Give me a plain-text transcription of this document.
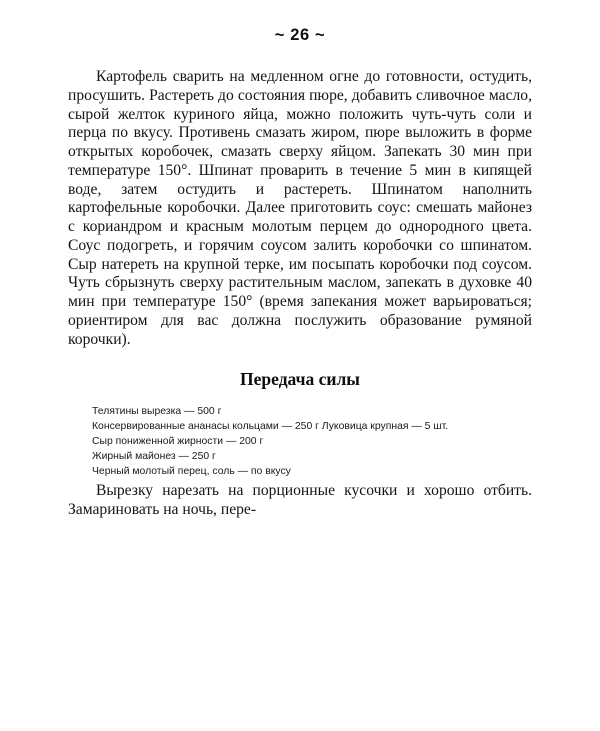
~ 26 ~

Картофель сварить на медленном огне до готовности, остудить, просушить. Растереть до состояния пюре, добавить сливочное масло, сырой желток куриного яйца, можно положить чуть-чуть соли и перца по вкусу. Противень смазать жиром, пюре выложить в форме открытых коробочек, смазать сверху яйцом. Запекать 30 мин при температуре 150°. Шпинат проварить в течение 5 мин в кипящей воде, затем остудить и растереть. Шпинатом наполнить картофельные коробочки. Далее приготовить соус: смешать майонез с кориандром и красным молотым перцем до однородного цвета. Соус подогреть, и горячим соусом залить коробочки со шпинатом. Сыр натереть на крупной терке, им посыпать коробочки под соусом. Чуть сбрызнуть сверху растительным маслом, запекать в духовке 40 мин при температуре 150° (время запекания может варьироваться; ориентиром для вас должна послужить образование румяной корочки).

Передача силы
Телятины вырезка — 500 г
Консервированные ананасы кольцами — 250 г Луковица крупная — 5 шт.
Сыр пониженной жирности — 200 г
Жирный майонез — 250 г
Черный молотый перец, соль — по вкусу

Вырезку нарезать на порционные кусочки и хорошо отбить. Замариновать на ночь, пере-
